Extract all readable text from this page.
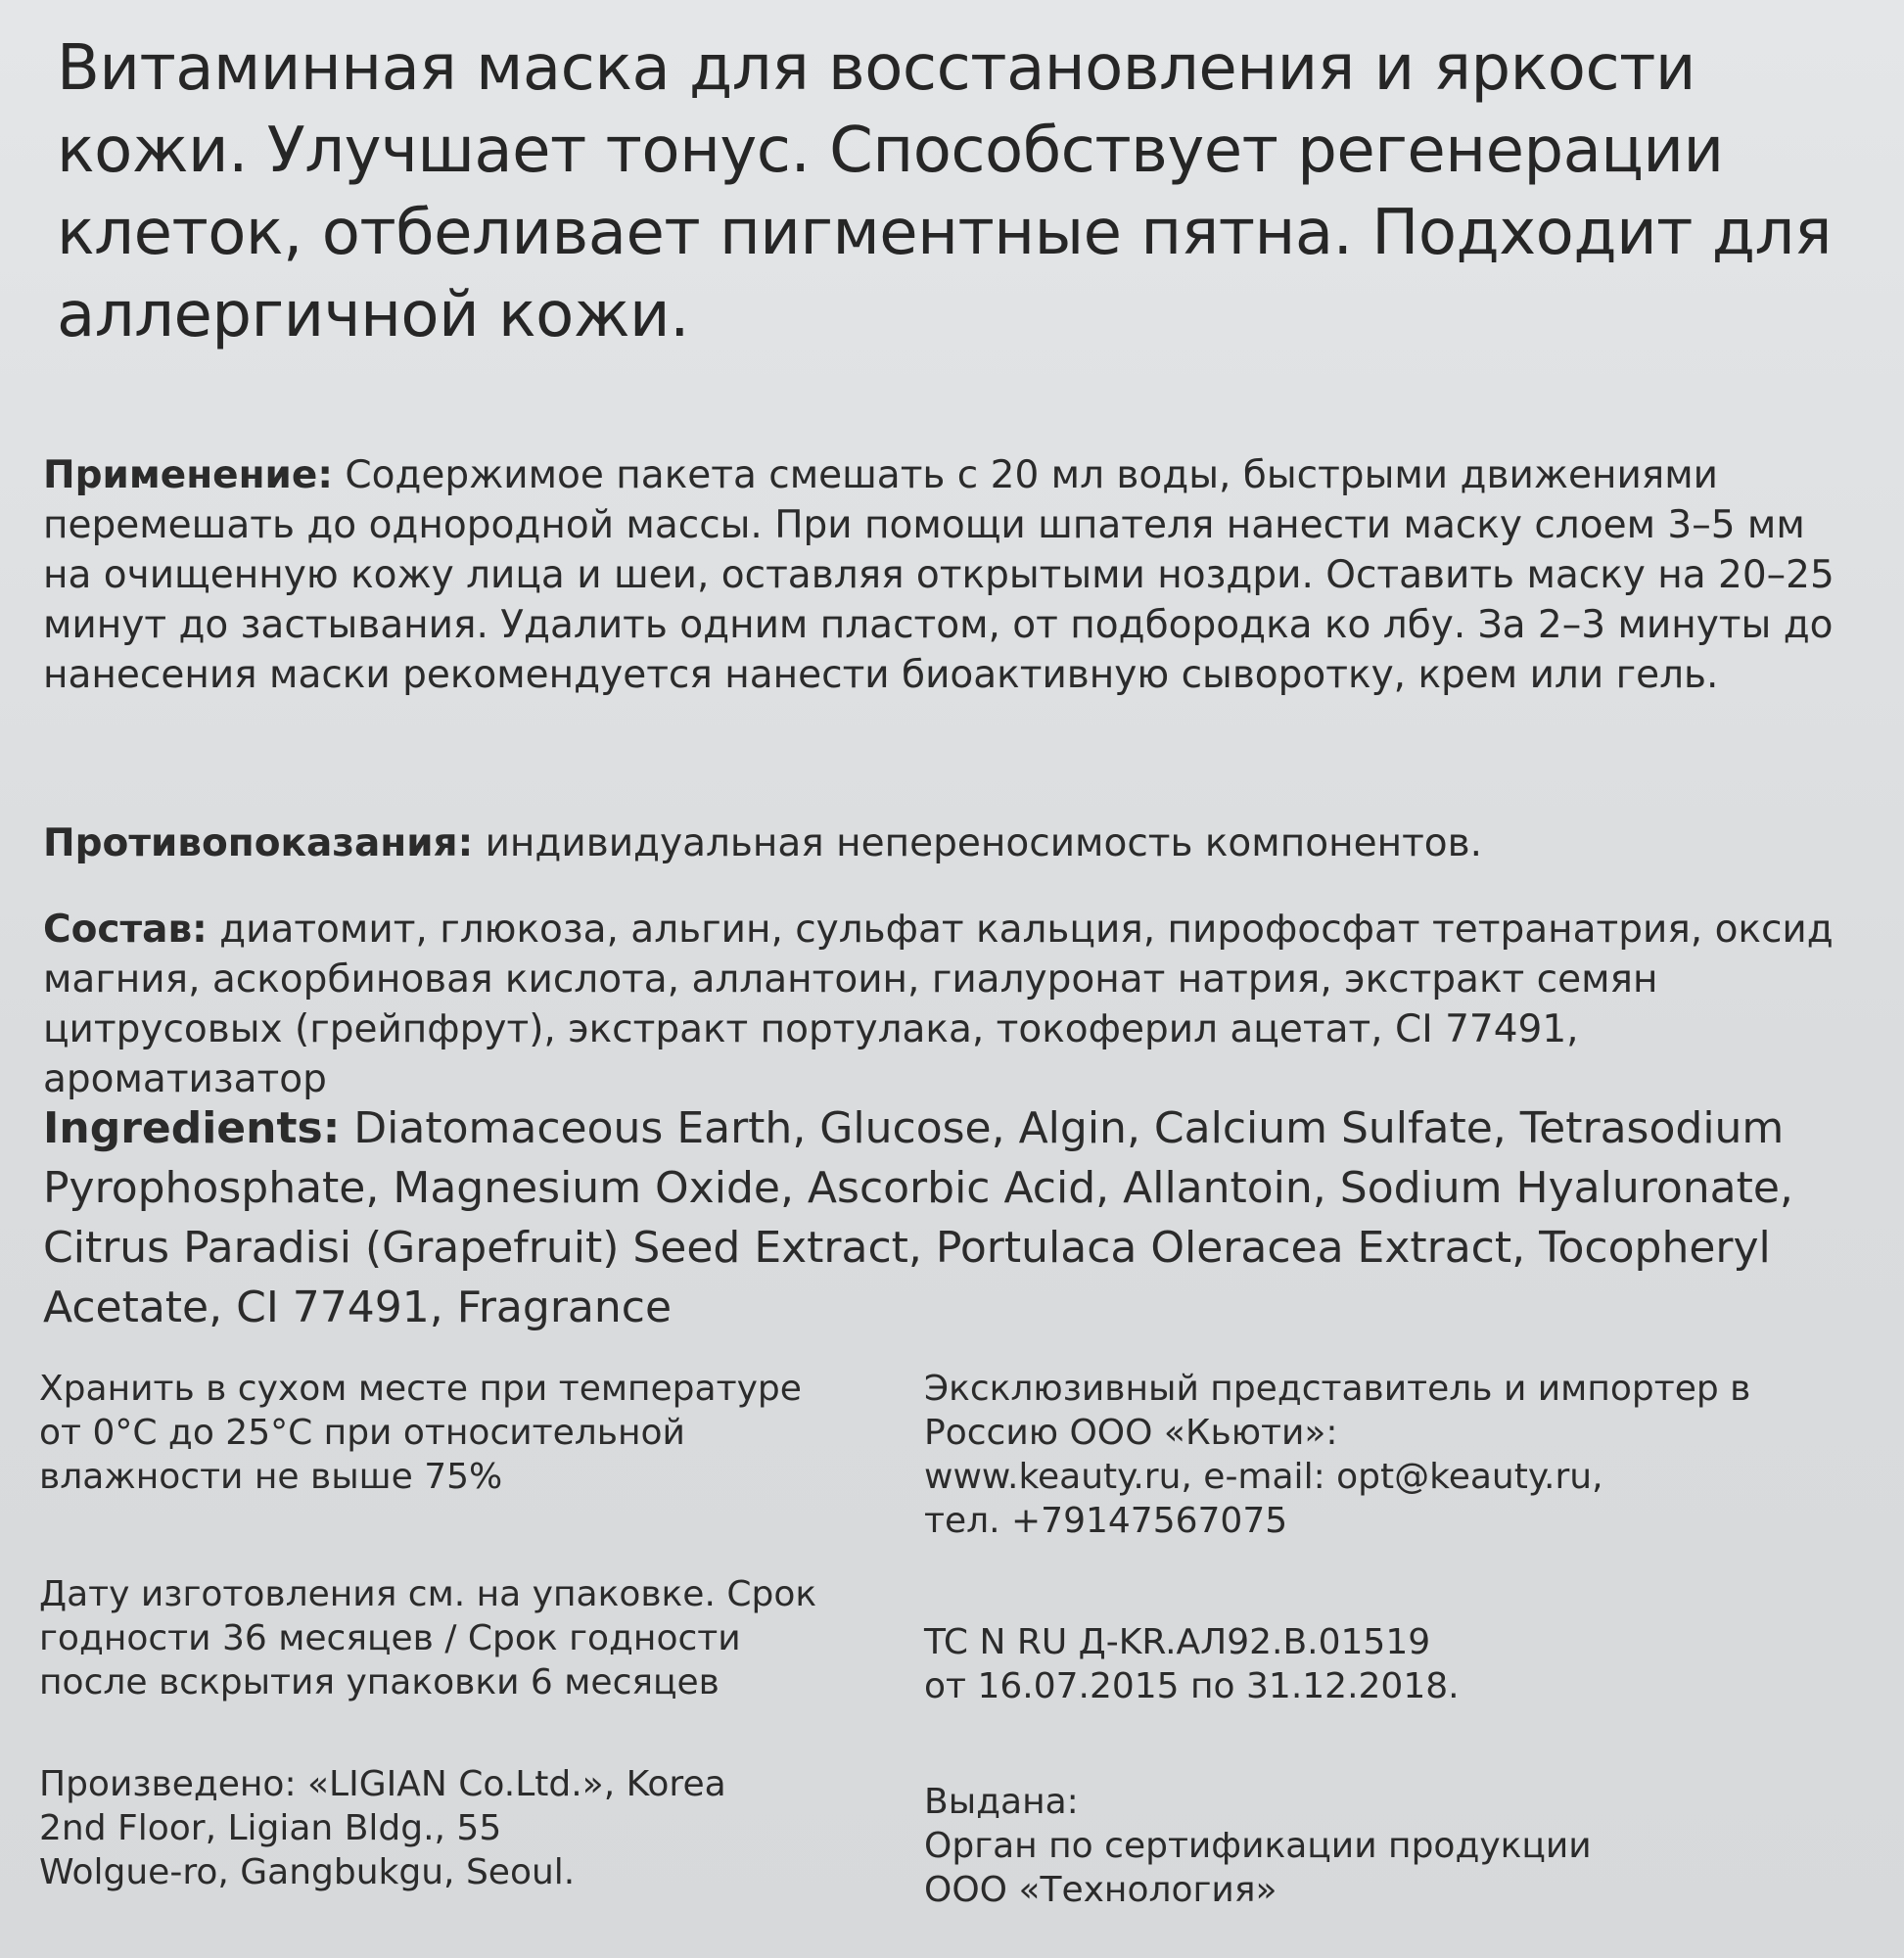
Витаминная маска для восстановления и яркости кожи. Улучшает тонус. Способствует регенерации клеток, отбеливает пигментные пятна. Подходит для аллергичной кожи.
Применение: Содержимое пакета смешать с 20 мл воды, быстрыми движениями перемешать до однородной массы. При помощи шпателя нанести маску слоем 3–5 мм на очищенную кожу лица и шеи, оставляя открытыми ноздри. Оставить маску на 20–25 минут до застывания. Удалить одним пластом, от подбородка ко лбу. За 2–3 минуты до нанесения маски рекомендуется нанести биоактивную сыворотку, крем или гель.
Противопоказания: индивидуальная непереносимость компонентов.
Состав: диатомит, глюкоза, альгин, сульфат кальция, пирофосфат тетранатрия, оксид магния, аскорбиновая кислота, аллантоин, гиалуронат натрия, экстракт семян цитрусовых (грейпфрут), экстракт портулака, токоферил ацетат, CI 77491, ароматизатор
Ingredients: Diatomaceous Earth, Glucose, Algin, Calcium Sulfate, Tetrasodium Pyrophosphate, Magnesium Oxide, Ascorbic Acid, Allantoin, Sodium Hyaluronate, Citrus Paradisi (Grapefruit) Seed Extract, Portulaca Oleracea Extract, Tocopheryl Acetate, CI 77491, Fragrance
Хранить в сухом месте при температуре
от 0°С до 25°С при относительной
влажности не выше 75%
Дату изготовления см. на упаковке. Срок
годности 36 месяцев / Срок годности
после вскрытия упаковки 6 месяцев
Произведено: «LIGIAN Co.Ltd.», Korea
2nd Floor, Ligian Bldg., 55
Wolgue-ro, Gangbukgu, Seoul.
Эксклюзивный представитель и импортер в
Россию ООО «Кьюти»:
www.keauty.ru, e-mail: opt@keauty.ru,
тел. +79147567075
TC N RU Д-KR.АЛ92.В.01519
от 16.07.2015 по 31.12.2018.
Выдана:
Орган по сертификации продукции
ООО «Технология»
